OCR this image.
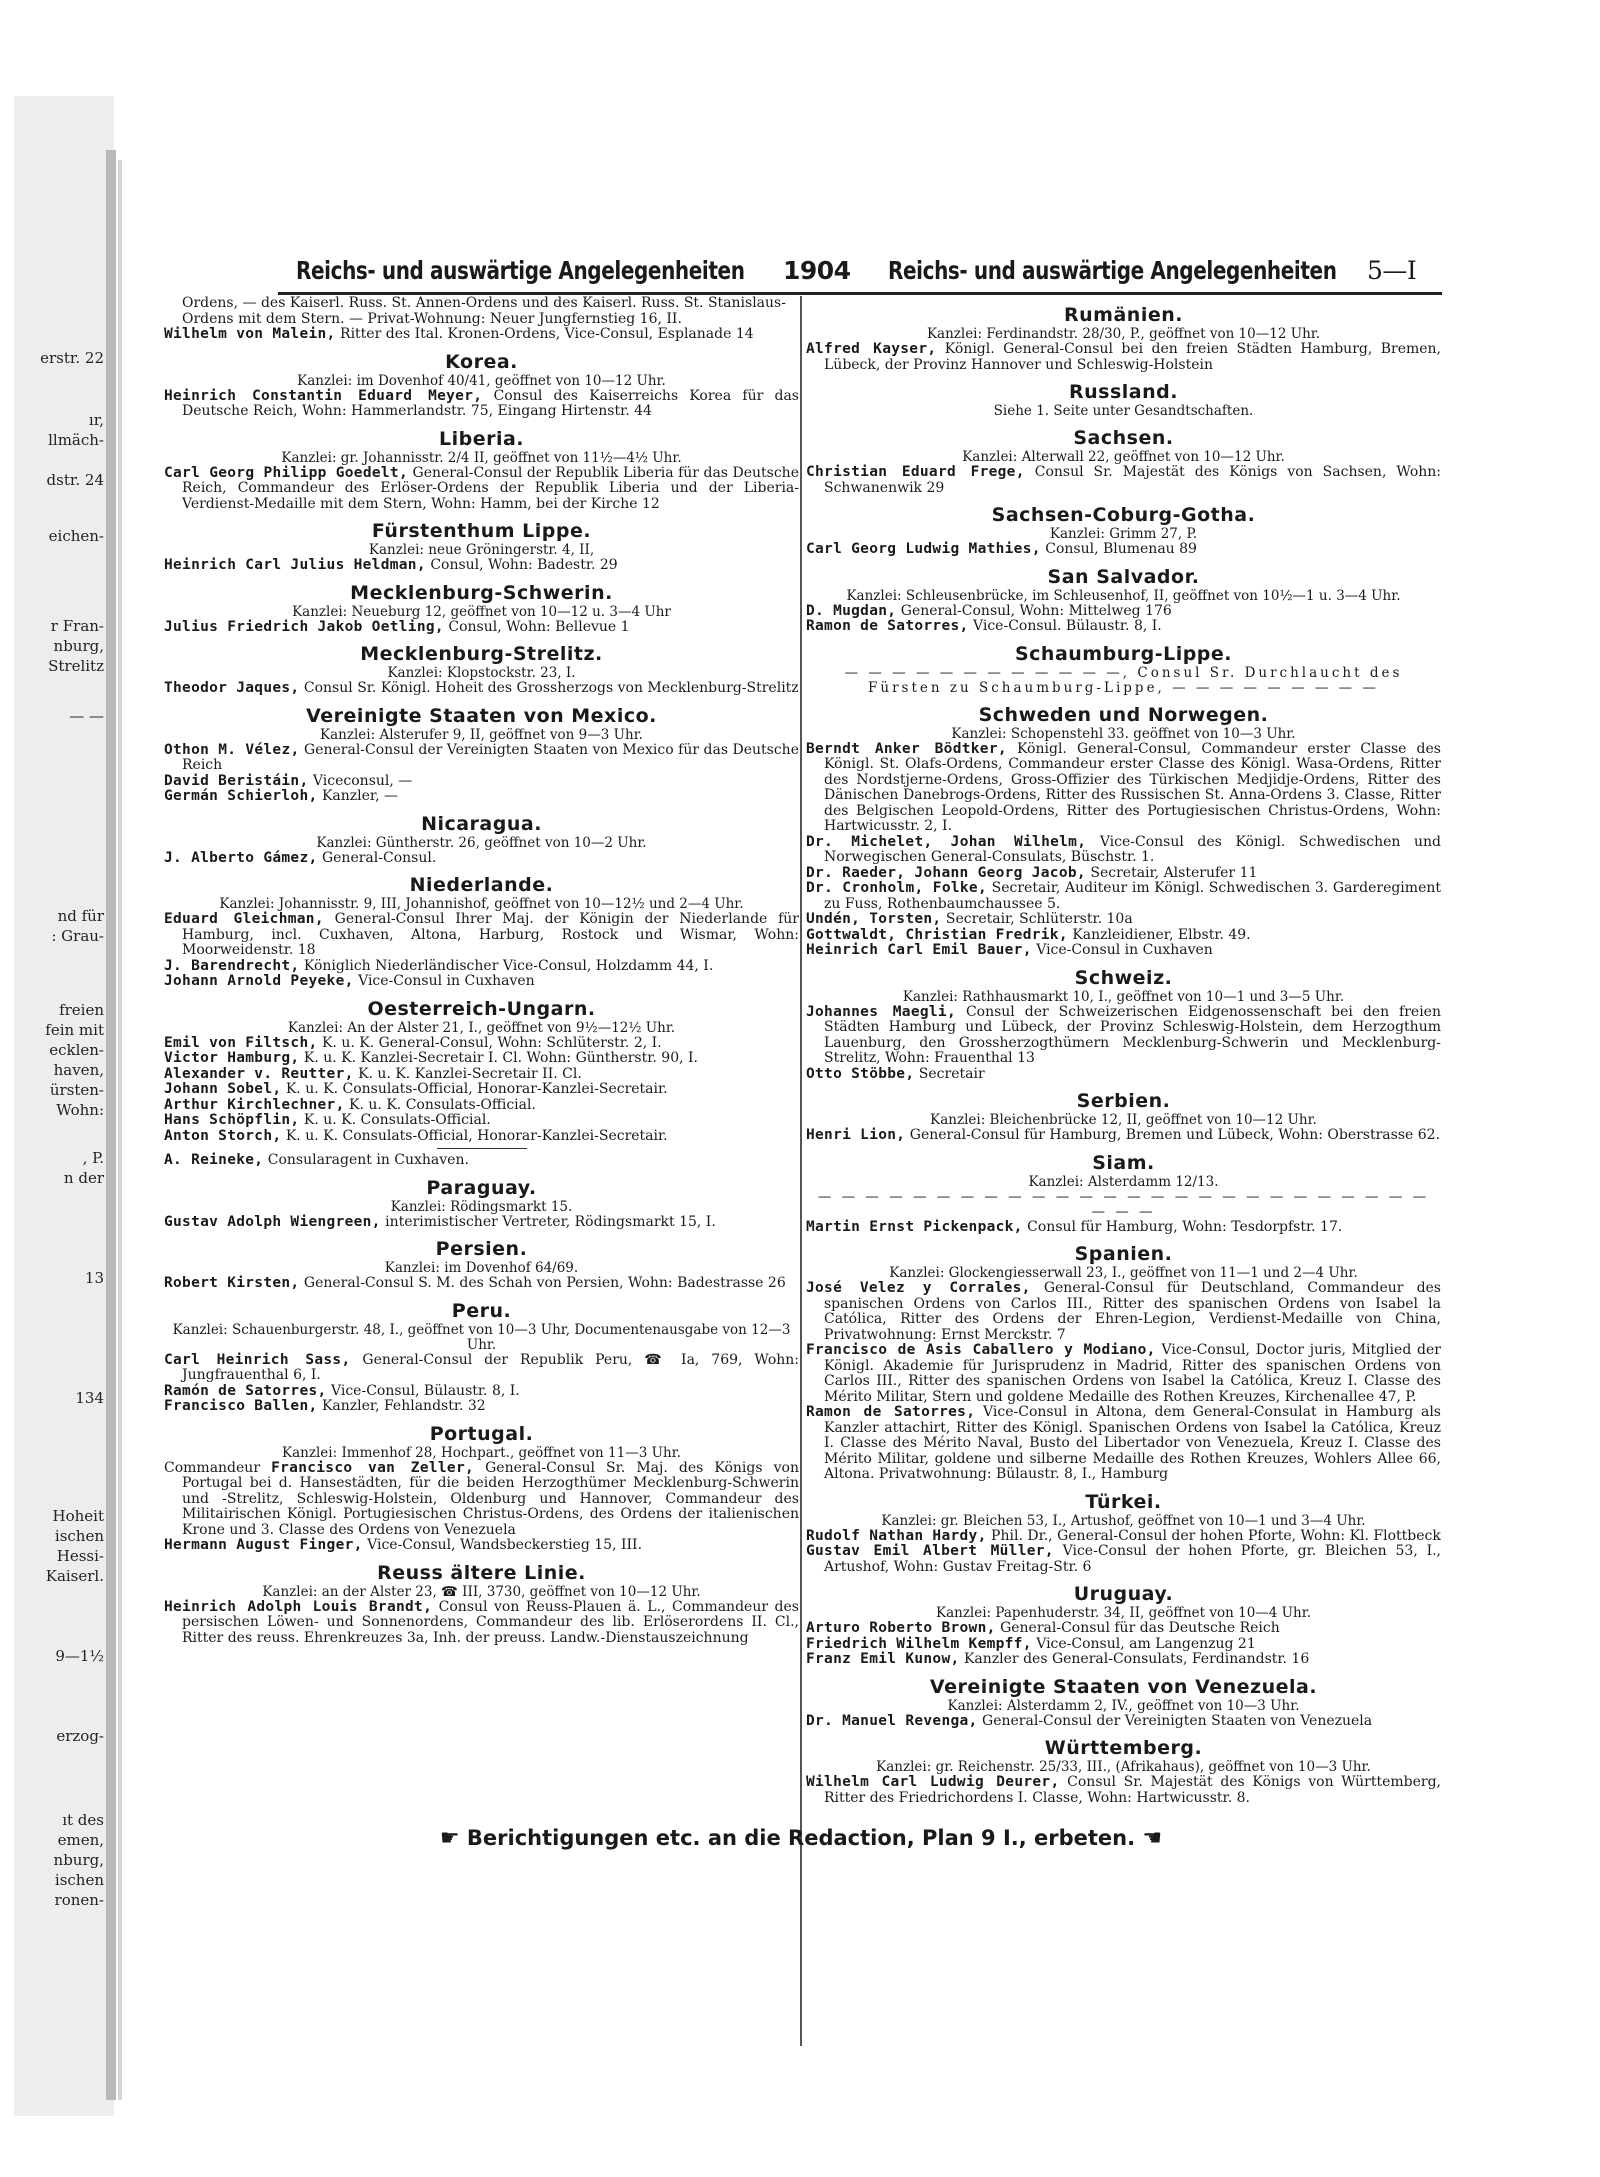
erstr. 22
ır,
llmäch-
dstr. 24
eichen-
r Fran-
nburg,
Strelitz
— —
nd für
: Grau-
freien
fein mit
ecklen-
haven,
ürsten-
Wohn:
, P.
n der
13
134
Hoheit
ischen
Hessi-
Kaiserl.
9—1½
erzog-
ıt des
emen,
nburg,
ischen
ronen-
Reichs- und auswärtige Angelegenheiten 1904 Reichs- und auswärtige Angelegenheiten 5—I
Ordens, — des Kaiserl. Russ. St. Annen-Ordens und des Kaiserl. Russ. St. Stanislaus-Ordens mit dem Stern. — Privat-Wohnung: Neuer Jungfernstieg 16, II.
Wilhelm von Malein, Ritter des Ital. Kronen-Ordens, Vice-Consul, Esplanade 14
Korea.
Kanzlei: im Dovenhof 40/41, geöffnet von 10—12 Uhr.
Heinrich Constantin Eduard Meyer, Consul des Kaiserreichs Korea für das Deutsche Reich, Wohn: Hammerlandstr. 75, Eingang Hirtenstr. 44
Liberia.
Kanzlei: gr. Johannisstr. 2/4 II, geöffnet von 11½—4½ Uhr.
Carl Georg Philipp Goedelt, General-Consul der Republik Liberia für das Deutsche Reich, Commandeur des Erlöser-Ordens der Republik Liberia und der Liberia-Verdienst-Medaille mit dem Stern, Wohn: Hamm, bei der Kirche 12
Fürstenthum Lippe.
Kanzlei: neue Gröningerstr. 4, II,
Heinrich Carl Julius Heldman, Consul, Wohn: Badestr. 29
Mecklenburg-Schwerin.
Kanzlei: Neueburg 12, geöffnet von 10—12 u. 3—4 Uhr
Julius Friedrich Jakob Oetling, Consul, Wohn: Bellevue 1
Mecklenburg-Strelitz.
Kanzlei: Klopstockstr. 23, I.
Theodor Jaques, Consul Sr. Königl. Hoheit des Grossherzogs von Mecklenburg-Strelitz
Vereinigte Staaten von Mexico.
Kanzlei: Alsterufer 9, II, geöffnet von 9—3 Uhr.
Othon M. Vélez, General-Consul der Vereinigten Staaten von Mexico für das Deutsche Reich
David Beristáin, Viceconsul, —
Germán Schierloh, Kanzler, —
Nicaragua.
Kanzlei: Güntherstr. 26, geöffnet von 10—2 Uhr.
J. Alberto Gámez, General-Consul.
Niederlande.
Kanzlei: Johannisstr. 9, III, Johannishof, geöffnet von 10—12½ und 2—4 Uhr.
Eduard Gleichman, General-Consul Ihrer Maj. der Königin der Niederlande für Hamburg, incl. Cuxhaven, Altona, Harburg, Rostock und Wismar, Wohn: Moorweidenstr. 18
J. Barendrecht, Königlich Niederländischer Vice-Consul, Holzdamm 44, I.
Johann Arnold Peyeke, Vice-Consul in Cuxhaven
Oesterreich-Ungarn.
Kanzlei: An der Alster 21, I., geöffnet von 9½—12½ Uhr.
Emil von Filtsch, K. u. K. General-Consul, Wohn: Schlüterstr. 2, I.
Victor Hamburg, K. u. K. Kanzlei-Secretair I. Cl. Wohn: Güntherstr. 90, I.
Alexander v. Reutter, K. u. K. Kanzlei-Secretair II. Cl.
Johann Sobel, K. u. K. Consulats-Official, Honorar-Kanzlei-Secretair.
Arthur Kirchlechner, K. u. K. Consulats-Official.
Hans Schöpflin, K. u. K. Consulats-Official.
Anton Storch, K. u. K. Consulats-Official, Honorar-Kanzlei-Secretair.
A. Reineke, Consularagent in Cuxhaven.
Paraguay.
Kanzlei: Rödingsmarkt 15.
Gustav Adolph Wiengreen, interimistischer Vertreter, Rödingsmarkt 15, I.
Persien.
Kanzlei: im Dovenhof 64/69.
Robert Kirsten, General-Consul S. M. des Schah von Persien, Wohn: Badestrasse 26
Peru.
Kanzlei: Schauenburgerstr. 48, I., geöffnet von 10—3 Uhr, Documentenausgabe von 12—3 Uhr.
Carl Heinrich Sass, General-Consul der Republik Peru, ☎ Ia, 769, Wohn: Jungfrauenthal 6, I.
Ramón de Satorres, Vice-Consul, Bülaustr. 8, I.
Francisco Ballen, Kanzler, Fehlandstr. 32
Portugal.
Kanzlei: Immenhof 28, Hochpart., geöffnet von 11—3 Uhr.
Commandeur Francisco van Zeller, General-Consul Sr. Maj. des Königs von Portugal bei d. Hansestädten, für die beiden Herzogthümer Mecklenburg-Schwerin und -Strelitz, Schleswig-Holstein, Oldenburg und Hannover, Commandeur des Militairischen Königl. Portugiesischen Christus-Ordens, des Ordens der italienischen Krone und 3. Classe des Ordens von Venezuela
Hermann August Finger, Vice-Consul, Wandsbeckerstieg 15, III.
Reuss ältere Linie.
Kanzlei: an der Alster 23, ☎ III, 3730, geöffnet von 10—12 Uhr.
Heinrich Adolph Louis Brandt, Consul von Reuss-Plauen ä. L., Commandeur des persischen Löwen- und Sonnenordens, Commandeur des lib. Erlöserordens II. Cl., Ritter des reuss. Ehrenkreuzes 3a, Inh. der preuss. Landw.-Dienstauszeichnung
Rumänien.
Kanzlei: Ferdinandstr. 28/30, P., geöffnet von 10—12 Uhr.
Alfred Kayser, Königl. General-Consul bei den freien Städten Hamburg, Bremen, Lübeck, der Provinz Hannover und Schleswig-Holstein
Russland.
Siehe 1. Seite unter Gesandtschaften.
Sachsen.
Kanzlei: Alterwall 22, geöffnet von 10—12 Uhr.
Christian Eduard Frege, Consul Sr. Majestät des Königs von Sachsen, Wohn: Schwanenwik 29
Sachsen-Coburg-Gotha.
Kanzlei: Grimm 27, P.
Carl Georg Ludwig Mathies, Consul, Blumenau 89
San Salvador.
Kanzlei: Schleusenbrücke, im Schleusenhof, II, geöffnet von 10½—1 u. 3—4 Uhr.
D. Mugdan, General-Consul, Wohn: Mittelweg 176
Ramon de Satorres, Vice-Consul. Bülaustr. 8, I.
Schaumburg-Lippe.
— — — — — — — — — — — —, Consul Sr. Durchlaucht des Fürsten zu Schaumburg-Lippe, — — — — — — — — —
Schweden und Norwegen.
Kanzlei: Schopenstehl 33. geöffnet von 10—3 Uhr.
Berndt Anker Bödtker, Königl. General-Consul, Commandeur erster Classe des Königl. St. Olafs-Ordens, Commandeur erster Classe des Königl. Wasa-Ordens, Ritter des Nordstjerne-Ordens, Gross-Offizier des Türkischen Medjidje-Ordens, Ritter des Dänischen Danebrogs-Ordens, Ritter des Russischen St. Anna-Ordens 3. Classe, Ritter des Belgischen Leopold-Ordens, Ritter des Portugiesischen Christus-Ordens, Wohn: Hartwicusstr. 2, I.
Dr. Michelet, Johan Wilhelm, Vice-Consul des Königl. Schwedischen und Norwegischen General-Consulats, Büschstr. 1.
Dr. Raeder, Johann Georg Jacob, Secretair, Alsterufer 11
Dr. Cronholm, Folke, Secretair, Auditeur im Königl. Schwedischen 3. Garderegiment zu Fuss, Rothenbaumchaussee 5.
Undén, Torsten, Secretair, Schlüterstr. 10a
Gottwaldt, Christian Fredrik, Kanzleidiener, Elbstr. 49.
Heinrich Carl Emil Bauer, Vice-Consul in Cuxhaven
Schweiz.
Kanzlei: Rathhausmarkt 10, I., geöffnet von 10—1 und 3—5 Uhr.
Johannes Maegli, Consul der Schweizerischen Eidgenossenschaft bei den freien Städten Hamburg und Lübeck, der Provinz Schleswig-Holstein, dem Herzogthum Lauenburg, den Grossherzogthümern Mecklenburg-Schwerin und Mecklenburg-Strelitz, Wohn: Frauenthal 13
Otto Stöbbe, Secretair
Serbien.
Kanzlei: Bleichenbrücke 12, II, geöffnet von 10—12 Uhr.
Henri Lion, General-Consul für Hamburg, Bremen und Lübeck, Wohn: Oberstrasse 62.
Siam.
Kanzlei: Alsterdamm 12/13.
— — — — — — — — — — — — — — — — — — — — — — — — — — — — —
Martin Ernst Pickenpack, Consul für Hamburg, Wohn: Tesdorpfstr. 17.
Spanien.
Kanzlei: Glockengiesserwall 23, I., geöffnet von 11—1 und 2—4 Uhr.
José Velez y Corrales, General-Consul für Deutschland, Commandeur des spanischen Ordens von Carlos III., Ritter des spanischen Ordens von Isabel la Católica, Ritter des Ordens der Ehren-Legion, Verdienst-Medaille von China, Privatwohnung: Ernst Merckstr. 7
Francisco de Asis Caballero y Modiano, Vice-Consul, Doctor juris, Mitglied der Königl. Akademie für Jurisprudenz in Madrid, Ritter des spanischen Ordens von Carlos III., Ritter des spanischen Ordens von Isabel la Católica, Kreuz I. Classe des Mérito Militar, Stern und goldene Medaille des Rothen Kreuzes, Kirchenallee 47, P.
Ramon de Satorres, Vice-Consul in Altona, dem General-Consulat in Hamburg als Kanzler attachirt, Ritter des Königl. Spanischen Ordens von Isabel la Católica, Kreuz I. Classe des Mérito Naval, Busto del Libertador von Venezuela, Kreuz I. Classe des Mérito Militar, goldene und silberne Medaille des Rothen Kreuzes, Wohlers Allee 66, Altona. Privatwohnung: Bülaustr. 8, I., Hamburg
Türkei.
Kanzlei: gr. Bleichen 53, I., Artushof, geöffnet von 10—1 und 3—4 Uhr.
Rudolf Nathan Hardy, Phil. Dr., General-Consul der hohen Pforte, Wohn: Kl. Flottbeck
Gustav Emil Albert Müller, Vice-Consul der hohen Pforte, gr. Bleichen 53, I., Artushof, Wohn: Gustav Freitag-Str. 6
Uruguay.
Kanzlei: Papenhuderstr. 34, II, geöffnet von 10—4 Uhr.
Arturo Roberto Brown, General-Consul für das Deutsche Reich
Friedrich Wilhelm Kempff, Vice-Consul, am Langenzug 21
Franz Emil Kunow, Kanzler des General-Consulats, Ferdinandstr. 16
Vereinigte Staaten von Venezuela.
Kanzlei: Alsterdamm 2, IV., geöffnet von 10—3 Uhr.
Dr. Manuel Revenga, General-Consul der Vereinigten Staaten von Venezuela
Württemberg.
Kanzlei: gr. Reichenstr. 25/33, III., (Afrikahaus), geöffnet von 10—3 Uhr.
Wilhelm Carl Ludwig Deurer, Consul Sr. Majestät des Königs von Württemberg, Ritter des Friedrichordens I. Classe, Wohn: Hartwicusstr. 8.
☛ Berichtigungen etc. an die Redaction, Plan 9 I., erbeten. ☚
